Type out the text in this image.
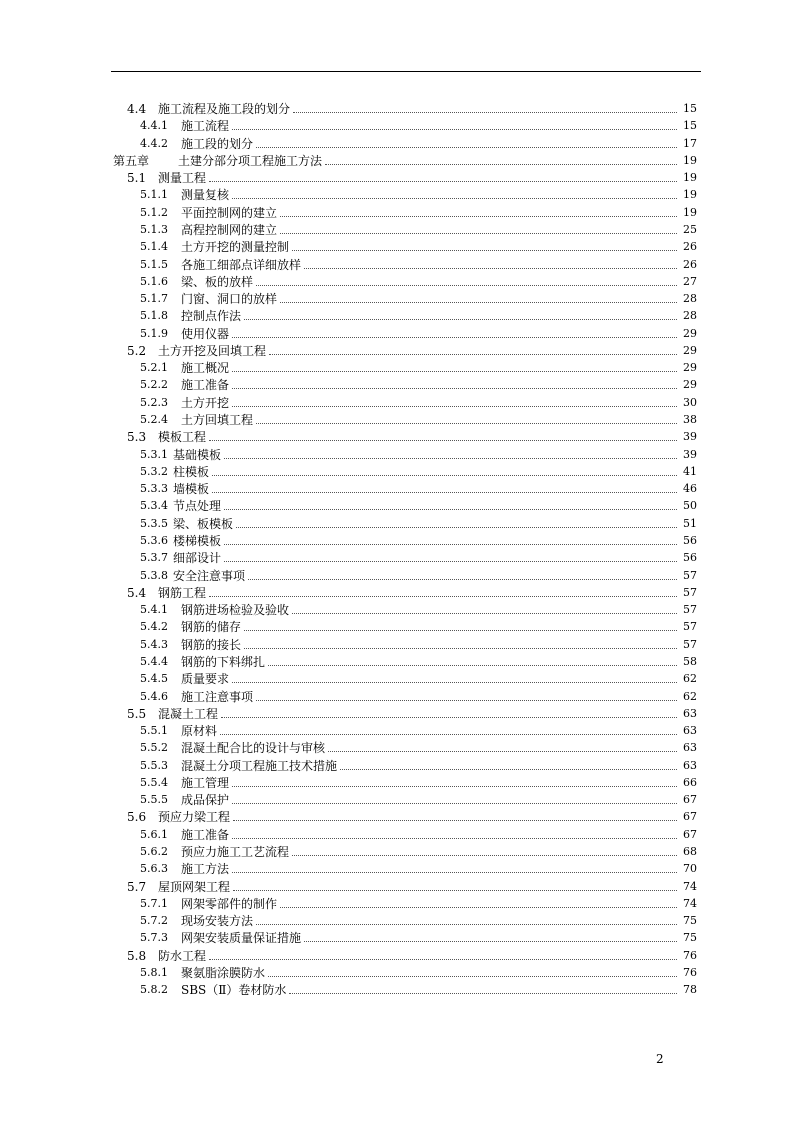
4.4 施工流程及施工段的划分	15
4.4.1	施工流程	15
4.4.2	施工段的划分	17
第五章	土建分部分项工程施工方法	19
5.1 测量工程	19
5.1.1	测量复核	19
5.1.2	平面控制网的建立	19
5.1.3	高程控制网的建立	25
5.1.4	土方开挖的测量控制	26
5.1.5	各施工细部点详细放样	26
5.1.6	梁、板的放样	27
5.1.7	门窗、洞口的放样	28
5.1.8	控制点作法	28
5.1.9	使用仪器	29
5.2 土方开挖及回填工程	29
5.2.1	施工概况	29
5.2.2	施工准备	29
5.2.3	土方开挖	30
5.2.4	土方回填工程	38
5.3 模板工程	39
5.3.1 基础模板	39
5.3.2 柱模板	41
5.3.3 墙模板	46
5.3.4 节点处理	50
5.3.5 梁、板模板	51
5.3.6 楼梯模板	56
5.3.7 细部设计	56
5.3.8 安全注意事项	57
5.4 钢筋工程	57
5.4.1	钢筋进场检验及验收	57
5.4.2	钢筋的储存	57
5.4.3	钢筋的接长	57
5.4.4	钢筋的下料绑扎	58
5.4.5	质量要求	62
5.4.6	施工注意事项	62
5.5 混凝土工程	63
5.5.1	原材料	63
5.5.2	混凝土配合比的设计与审核	63
5.5.3	混凝土分项工程施工技术措施	63
5.5.4	施工管理	66
5.5.5	成品保护	67
5.6 预应力梁工程	67
5.6.1	施工准备	67
5.6.2	预应力施工工艺流程	68
5.6.3	施工方法	70
5.7 屋顶网架工程	74
5.7.1	网架零部件的制作	74
5.7.2	现场安装方法	75
5.7.3	网架安装质量保证措施	75
5.8 防水工程	76
5.8.1	聚氨脂涂膜防水	76
5.8.2	SBS（Ⅱ）卷材防水	78
2
